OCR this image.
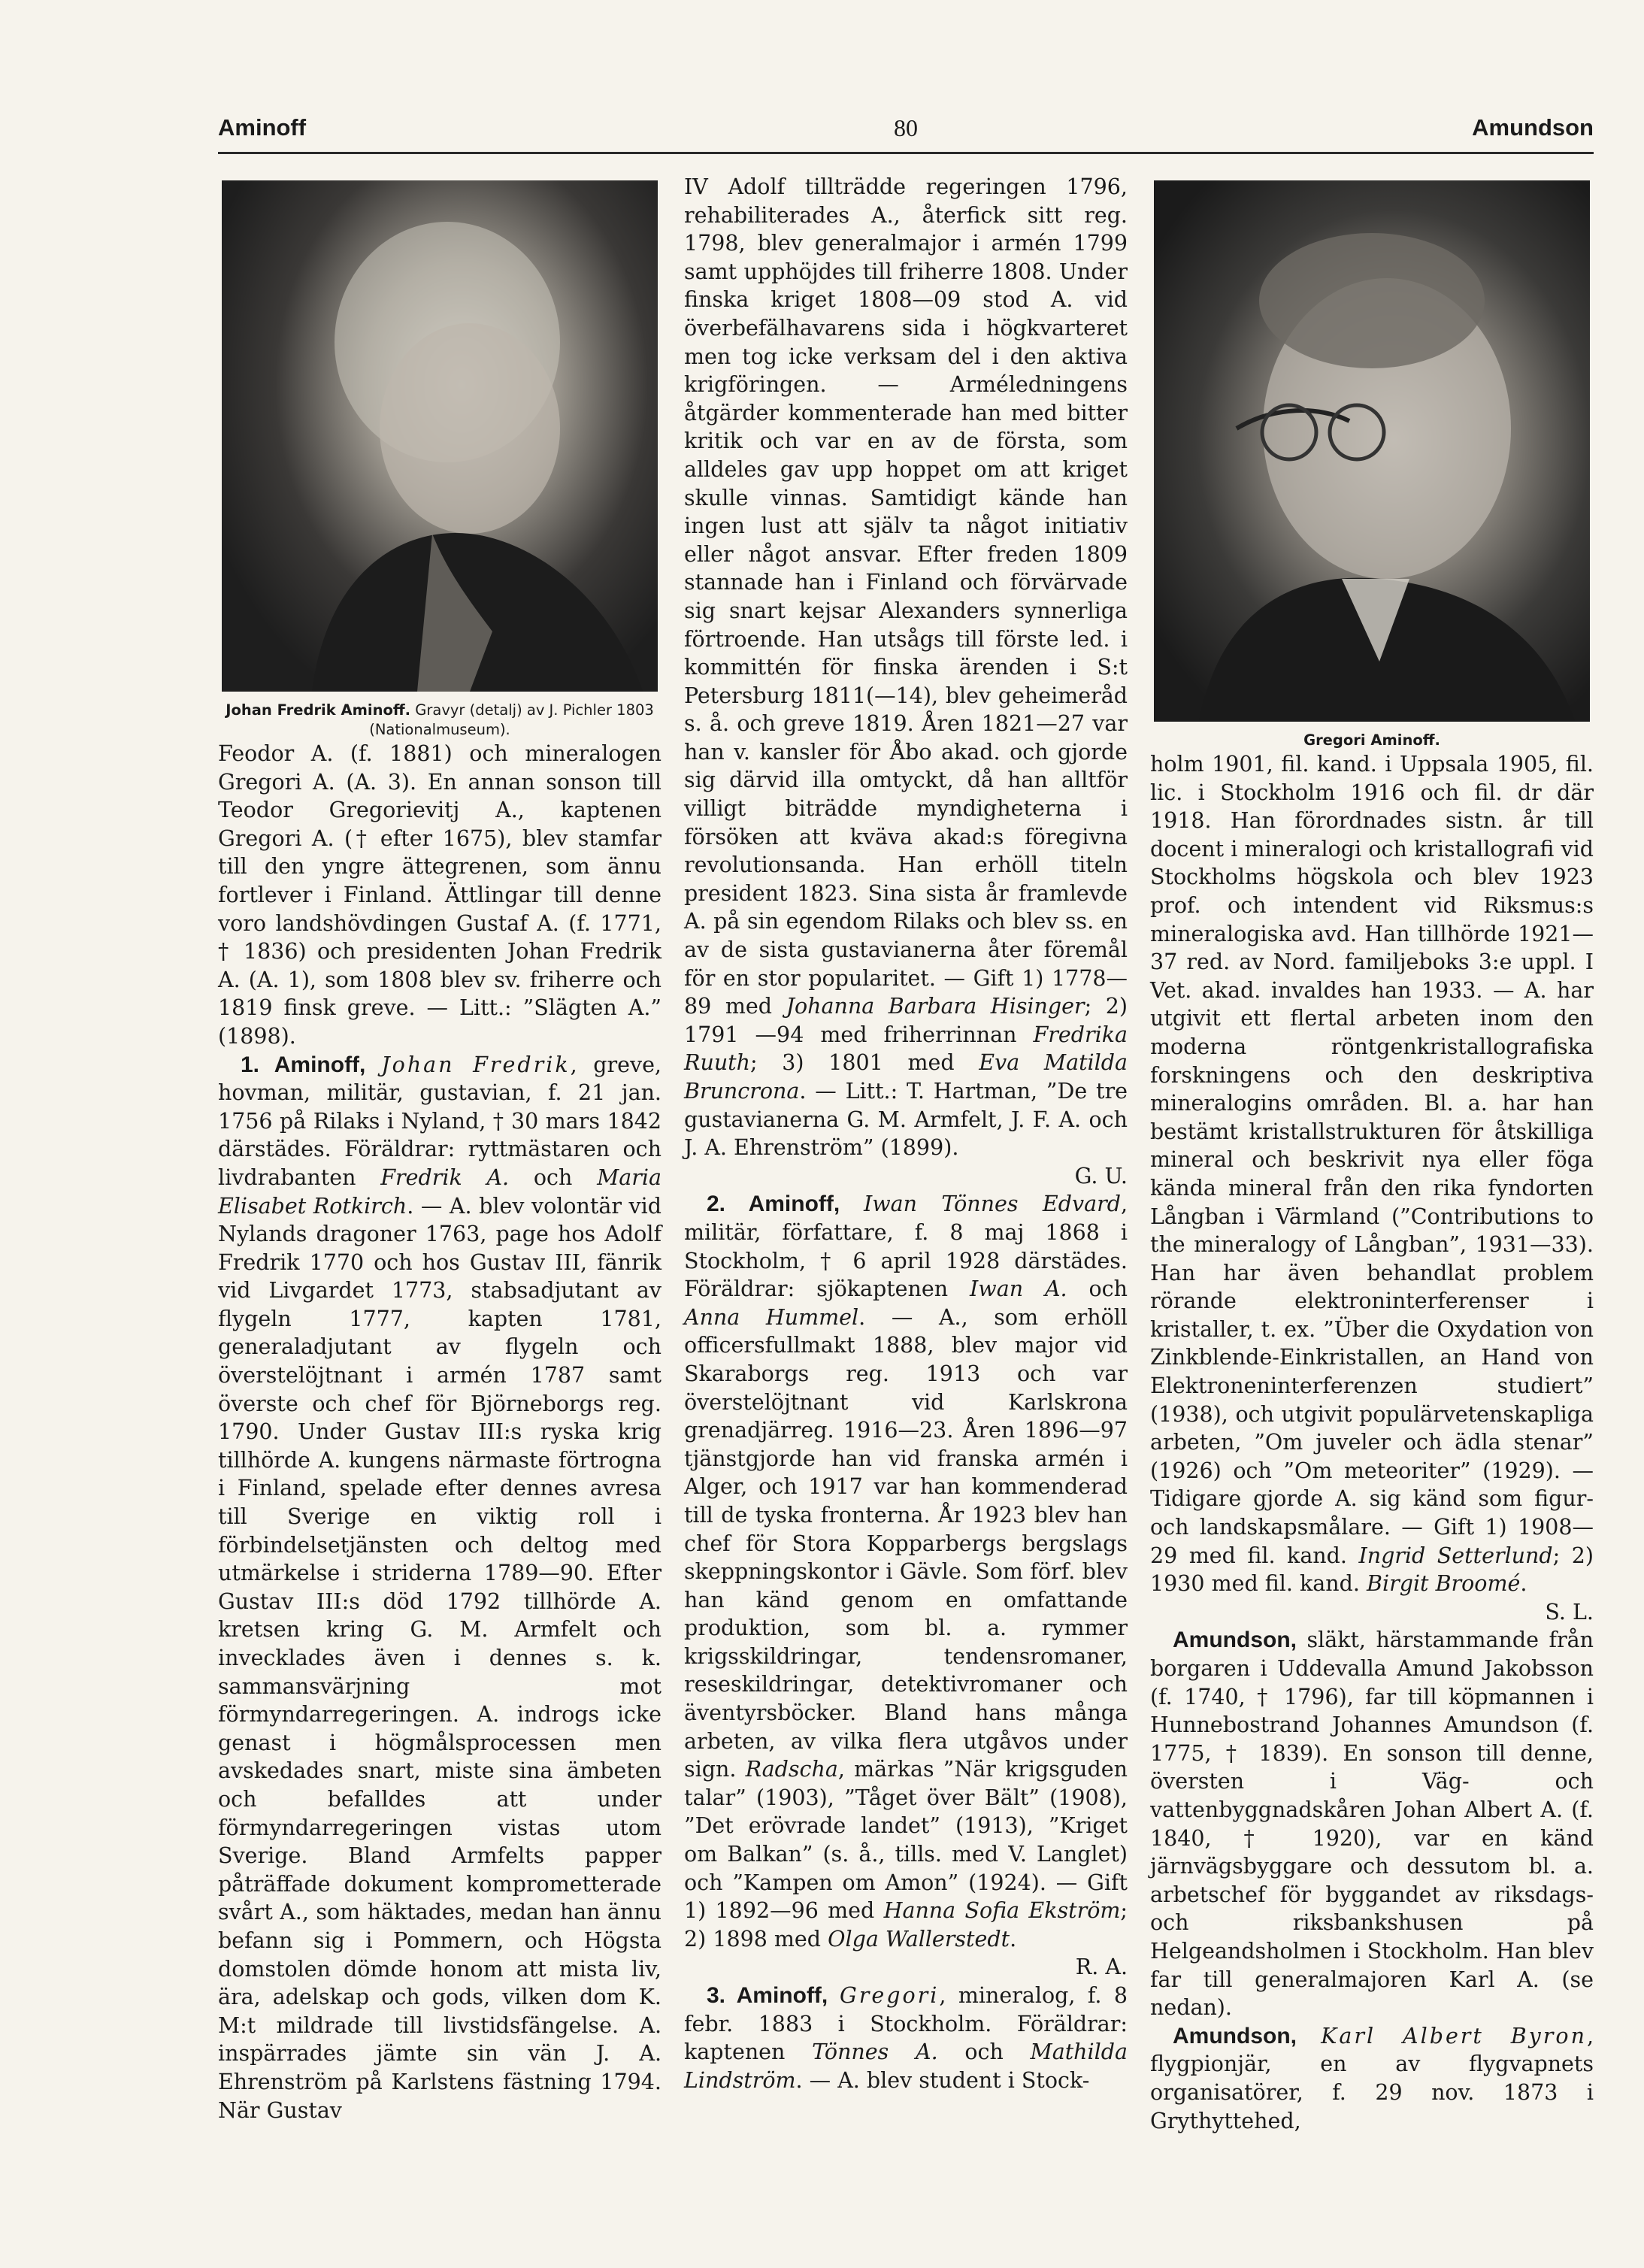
Aminoff	80	Amundson

Johan Fredrik Aminoff. Gravyr (detalj) av J. Pichler 1803 (Nationalmuseum).

Feodor A. (f. 1881) och mineralogen Gregori A. (A. 3). En annan sonson till Teodor Gregorievitj A., kaptenen Gregori A. († efter 1675), blev stamfar till den yngre ättegrenen, som ännu fortlever i Finland. Ättlingar till denne voro landshövdingen Gustaf A. (f. 1771, † 1836) och presidenten Johan Fredrik A. (A. 1), som 1808 blev sv. friherre och 1819 finsk greve. — Litt.: ”Slägten A.” (1898).

1. Aminoff, Johan Fredrik, greve, hovman, militär, gustavian, f. 21 jan. 1756 på Rilaks i Nyland, † 30 mars 1842 därstädes. Föräldrar: ryttmästaren och livdrabanten Fredrik A. och Maria Elisabet Rotkirch. — A. blev volontär vid Nylands dragoner 1763, page hos Adolf Fredrik 1770 och hos Gustav III, fänrik vid Livgardet 1773, stabsadjutant av flygeln 1777, kapten 1781, generaladjutant av flygeln och överstelöjtnant i armén 1787 samt överste och chef för Björneborgs reg. 1790. Under Gustav III:s ryska krig tillhörde A. kungens närmaste förtrogna i Finland, spelade efter dennes avresa till Sverige en viktig roll i förbindelsetjänsten och deltog med utmärkelse i striderna 1789—90. Efter Gustav III:s död 1792 tillhörde A. kretsen kring G. M. Armfelt och invecklades även i dennes s. k. sammansvärjning mot förmyndarregeringen. A. indrogs icke genast i högmålsprocessen men avskedades snart, miste sina ämbeten och befalldes att under förmyndarregeringen vistas utom Sverige. Bland Armfelts papper påträffade dokument komprometterade svårt A., som häktades, medan han ännu befann sig i Pommern, och Högsta domstolen dömde honom att mista liv, ära, adelskap och gods, vilken dom K. M:t mildrade till livstidsfängelse. A. inspärrades jämte sin vän J. A. Ehrenström på Karlstens fästning 1794. När Gustav

IV Adolf tillträdde regeringen 1796, rehabiliterades A., återfick sitt reg. 1798, blev generalmajor i armén 1799 samt upphöjdes till friherre 1808. Under finska kriget 1808—09 stod A. vid överbefälhavarens sida i högkvarteret men tog icke verksam del i den aktiva krigföringen. — Arméledningens åtgärder kommenterade han med bitter kritik och var en av de första, som alldeles gav upp hoppet om att kriget skulle vinnas. Samtidigt kände han ingen lust att själv ta något initiativ eller något ansvar. Efter freden 1809 stannade han i Finland och förvärvade sig snart kejsar Alexanders synnerliga förtroende. Han utsågs till förste led. i kommittén för finska ärenden i S:t Petersburg 1811(—14), blev geheimeråd s. å. och greve 1819. Åren 1821—27 var han v. kansler för Åbo akad. och gjorde sig därvid illa omtyckt, då han alltför villigt biträdde myndigheterna i försöken att kväva akad:s föregivna revolutionsanda. Han erhöll titeln president 1823. Sina sista år framlevde A. på sin egendom Rilaks och blev ss. en av de sista gustavianerna åter föremål för en stor popularitet. — Gift 1) 1778—89 med Johanna Barbara Hisinger; 2) 1791 —94 med friherrinnan Fredrika Ruuth; 3) 1801 med Eva Matilda Bruncrona. — Litt.: T. Hartman, ”De tre gustavianerna G. M. Armfelt, J. F. A. och J. A. Ehrenström” (1899).

G. U.

2. Aminoff, Iwan Tönnes Edvard, militär, författare, f. 8 maj 1868 i Stockholm, † 6 april 1928 därstädes. Föräldrar: sjökaptenen Iwan A. och Anna Hummel. — A., som erhöll officersfullmakt 1888, blev major vid Skaraborgs reg. 1913 och var överstelöjtnant vid Karlskrona grenadjärreg. 1916—23. Åren 1896—97 tjänstgjorde han vid franska armén i Alger, och 1917 var han kommenderad till de tyska fronterna. År 1923 blev han chef för Stora Kopparbergs bergslags skeppningskontor i Gävle. Som förf. blev han känd genom en omfattande produktion, som bl. a. rymmer krigsskildringar, tendensromaner, reseskildringar, detektivromaner och äventyrsböcker. Bland hans många arbeten, av vilka flera utgåvos under sign. Radscha, märkas ”När krigsguden talar” (1903), ”Tåget över Bält” (1908), ”Det erövrade landet” (1913), ”Kriget om Balkan” (s. å., tills. med V. Langlet) och ”Kampen om Amon” (1924). — Gift 1) 1892—96 med Hanna Sofia Ekström; 2) 1898 med Olga Wallerstedt.

R. A.

3. Aminoff, Gregori, mineralog, f. 8 febr. 1883 i Stockholm. Föräldrar: kaptenen Tönnes A. och Mathilda Lindström. — A. blev student i Stock-

Gregori Aminoff.

holm 1901, fil. kand. i Uppsala 1905, fil. lic. i Stockholm 1916 och fil. dr där 1918. Han förordnades sistn. år till docent i mineralogi och kristallografi vid Stockholms högskola och blev 1923 prof. och intendent vid Riksmus:s mineralogiska avd. Han tillhörde 1921—37 red. av Nord. familjeboks 3:e uppl. I Vet. akad. invaldes han 1933. — A. har utgivit ett flertal arbeten inom den moderna röntgenkristallografiska forskningens och den deskriptiva mineralogins områden. Bl. a. har han bestämt kristallstrukturen för åtskilliga mineral och beskrivit nya eller föga kända mineral från den rika fyndorten Långban i Värmland (”Contributions to the mineralogy of Långban”, 1931—33). Han har även behandlat problem rörande elektroninterferenser i kristaller, t. ex. ”Über die Oxydation von Zinkblende-Einkristallen, an Hand von Elektroneninterferenzen studiert” (1938), och utgivit populärvetenskapliga arbeten, ”Om juveler och ädla stenar” (1926) och ”Om meteoriter” (1929). — Tidigare gjorde A. sig känd som figur- och landskapsmålare. — Gift 1) 1908—29 med fil. kand. Ingrid Setterlund; 2) 1930 med fil. kand. Birgit Broomé.

S. L.

Amundson, släkt, härstammande från borgaren i Uddevalla Amund Jakobsson (f. 1740, † 1796), far till köpmannen i Hunnebostrand Johannes Amundson (f. 1775, † 1839). En sonson till denne, översten i Väg- och vattenbyggnadskåren Johan Albert A. (f. 1840, † 1920), var en känd järnvägsbyggare och dessutom bl. a. arbetschef för byggandet av riksdags- och riksbankshusen på Helgeandsholmen i Stockholm. Han blev far till generalmajoren Karl A. (se nedan).

Amundson, Karl Albert Byron, flygpionjär, en av flygvapnets organisatörer, f. 29 nov. 1873 i Grythyttehed,
